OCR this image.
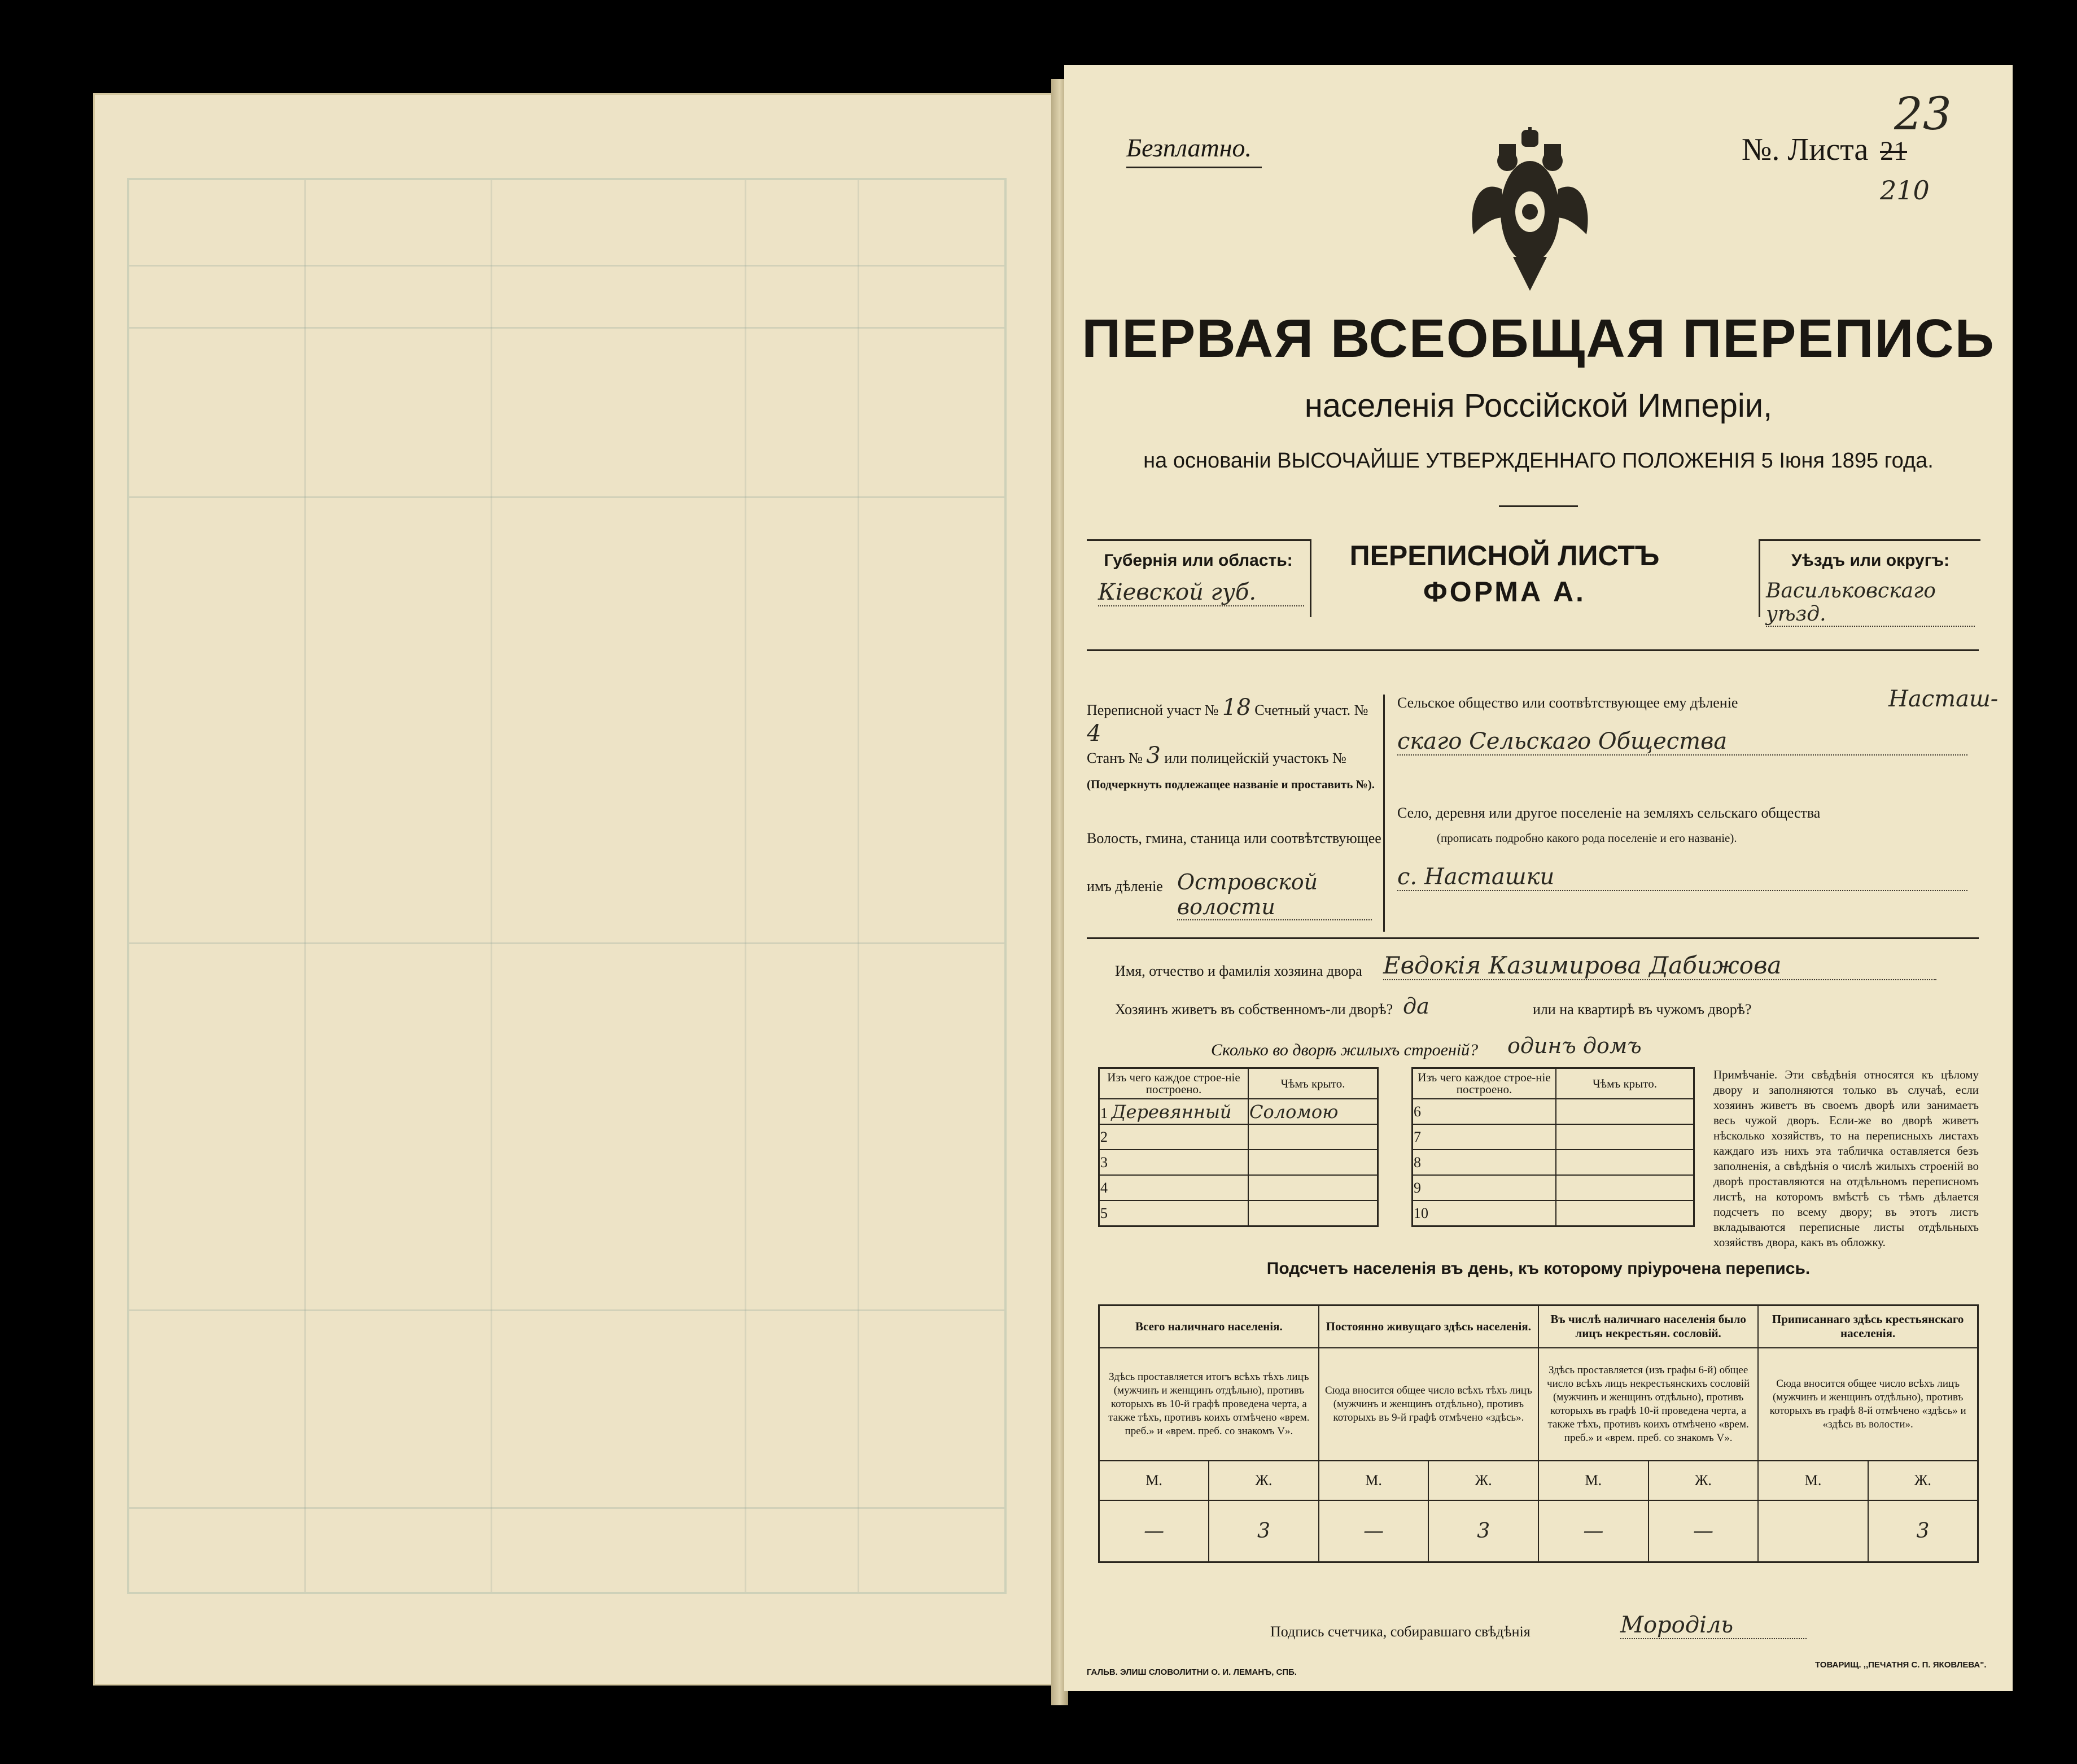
Безплатно.	№. Листа 21
23
210
ПЕРВАЯ ВСЕОБЩАЯ ПЕРЕПИСЬ
населенія Россійской Имперіи,
на основаніи ВЫСОЧАЙШЕ УТВЕРЖДЕННАГО ПОЛОЖЕНІЯ 5 Іюня 1895 года.
Губернія или область:
Кіевской губ.
ПЕРЕПИСНОЙ ЛИСТЪ
ФОРМА А.
Уѣздъ или округъ:
Васильковскаго уѣзд.
Переписной участ № 18 Счетный участ. № 4
Станъ № 3 или полицейскій участокъ №
(Подчеркнуть подлежащее названіе и проставить №).
Волость, гмина, станица или соотвѣтствующее
имъ дѣленіе Островской волости
Сельское общество или соотвѣтствующее ему дѣленіе	Насташ-
скаго Сельскаго Общества
Село, деревня или другое поселеніе на земляхъ сельскаго общества
(прописать подробно какого рода поселеніе и его названіе).
с. Насташки
Имя, отчество и фамилія хозяина двора Евдокія Казимирова Дабижова
Хозяинъ живетъ въ собственномъ-ли дворѣ? да	или на квартирѣ въ чужомъ дворѣ?
Сколько во дворѣ жилыхъ строеній? одинъ домъ
Изъ чего каждое строе-ніе построено.	Чѣмъ крыто.
1 Деревянный	Соломою
2	
3	
4	
5	
Изъ чего каждое строе-ніе построено.	Чѣмъ крыто.
6	
7	
8	
9	
10	
Примѣчаніе. Эти свѣдѣнія относятся къ цѣлому двору и заполняются только въ случаѣ, если хозяинъ живетъ въ своемъ дворѣ или занимаетъ весь чужой дворъ. Если-же во дворѣ живетъ нѣсколько хозяйствъ, то на переписныхъ листахъ каждаго изъ нихъ эта табличка оставляется безъ заполненія, а свѣдѣнія о числѣ жилыхъ строеній во дворѣ проставляются на отдѣльномъ переписномъ листѣ, на которомъ вмѣстѣ съ тѣмъ дѣлается подсчетъ по всему двору; въ этотъ листъ вкладываются переписные листы отдѣльныхъ хозяйствъ двора, какъ въ обложку.
Подсчетъ населенія въ день, къ которому пріурочена перепись.
Всего наличнаго населенія.		Постоянно живущаго здѣсь населенія.		Въ числѣ наличнаго населенія было лицъ некрестьян. сословій.		Приписаннаго здѣсь крестьянскаго населенія.	
Здѣсь проставляется итогъ всѣхъ тѣхъ лицъ (мужчинъ и женщинъ отдѣльно), противъ которыхъ въ 10-й графѣ проведена черта, а также тѣхъ, противъ коихъ отмѣчено «врем. преб.» и «врем. преб. со знакомъ V».		Сюда вносится общее число всѣхъ тѣхъ лицъ (мужчинъ и женщинъ отдѣльно), противъ которыхъ въ 9-й графѣ отмѣчено «здѣсь».		Здѣсь проставляется (изъ графы 6-й) общее число всѣхъ лицъ некрестьянскихъ сословій (мужчинъ и женщинъ отдѣльно), противъ которыхъ въ графѣ 10-й проведена черта, а также тѣхъ, противъ коихъ отмѣчено «врем. преб.» и «врем. преб. со знакомъ V».		Сюда вносится общее число всѣхъ лицъ (мужчинъ и женщинъ отдѣльно), противъ которыхъ въ графѣ 8-й отмѣчено «здѣсь» и «здѣсь въ волости».	
М.	Ж.	М.	Ж.	М.	Ж.	М.	Ж.
—	3	—	3	—	—		3
Подпись счетчика, собиравшаго свѣдѣнія	Мороділь
ГАЛЬВ. ЭЛИШ СЛОВОЛИТНИ О. И. ЛЕМАНЪ, СПБ.
ТОВАРИЩ. ,,ПЕЧАТНЯ С. П. ЯКОВЛЕВА".
